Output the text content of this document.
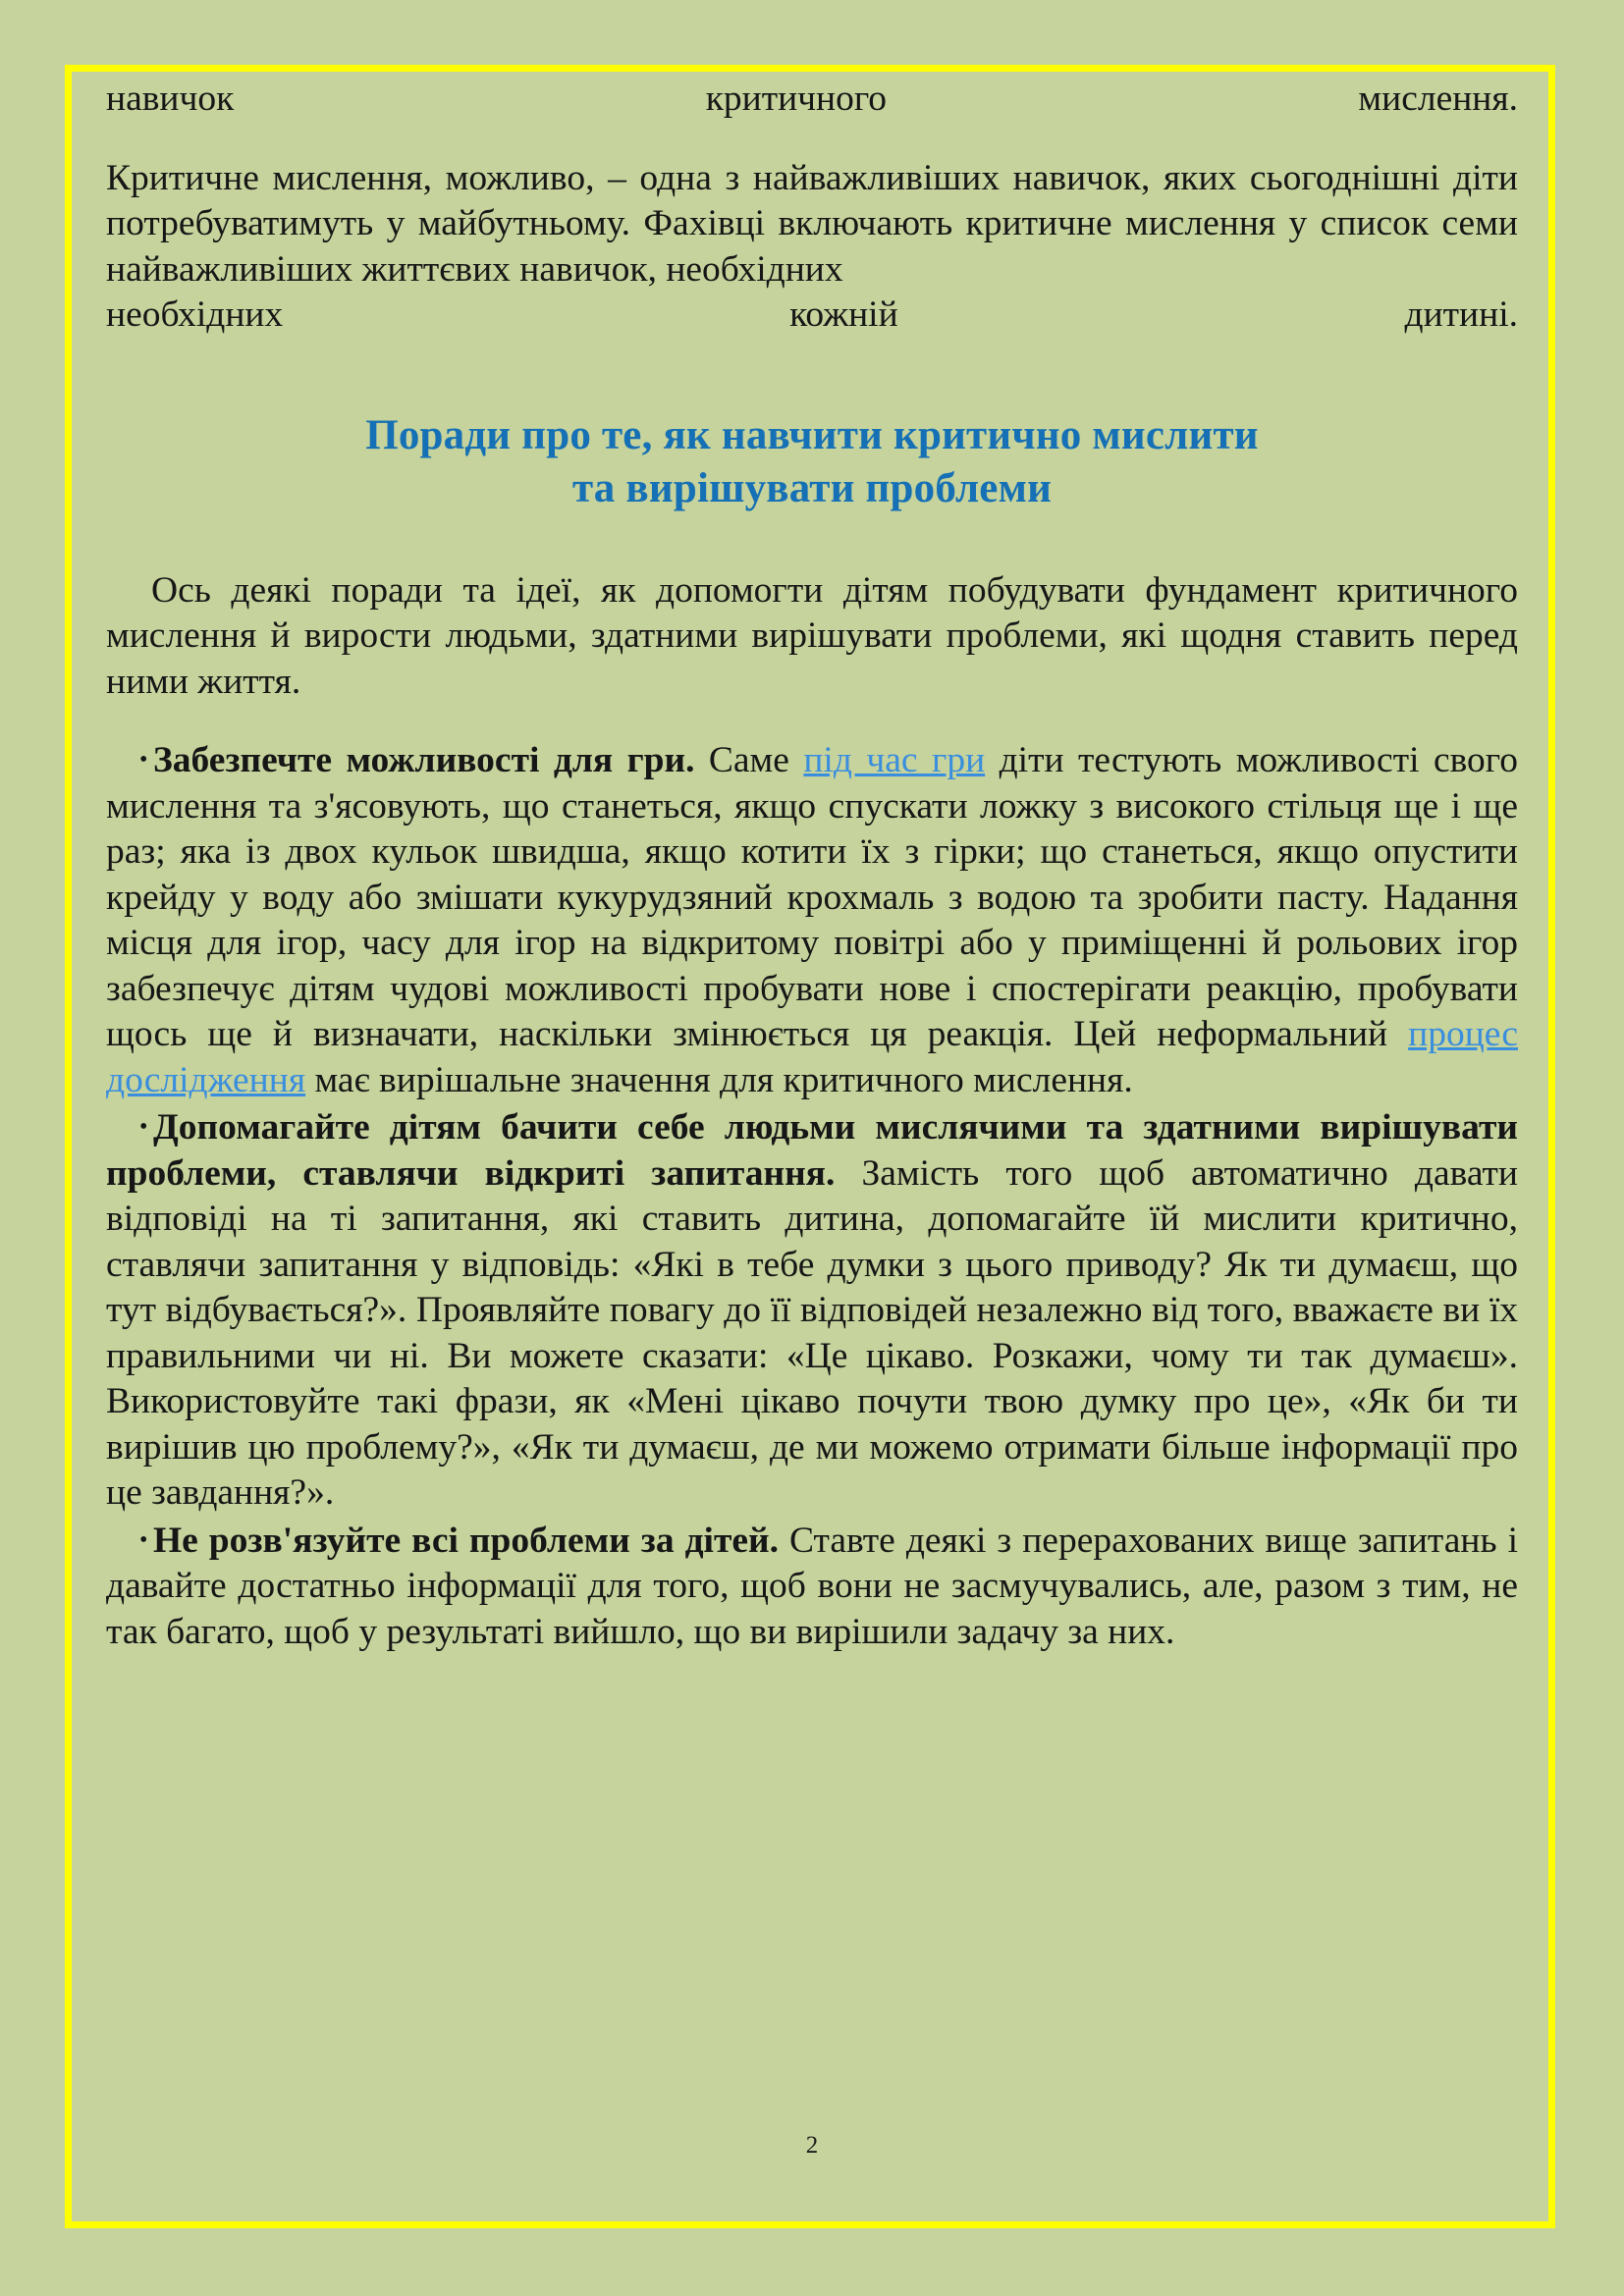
навичок	критичного	мислення.

Критичне мислення, можливо, – одна з найважливіших навичок, яких сьогоднішні діти потребуватимуть у майбутньому. Фахівці включають критичне мислення у список семи найважливіших життєвих навичок, необхідних

необхідних	кожній	дитині.
Поради про те, як навчити критично мислити
та вирішувати проблеми

Ось деякі поради та ідеї, як допомогти дітям побудувати фундамент критичного мислення й вирости людьми, здатними вирішувати проблеми, які щодня ставить перед ними життя.

• Забезпечте можливості для гри. Саме під час гри діти тестують можливості свого мислення та з'ясовують, що станеться, якщо спускати ложку з високого стільця ще і ще раз; яка із двох кульок швидша, якщо котити їх з гірки; що станеться, якщо опустити крейду у воду або змішати кукурудзяний крохмаль з водою та зробити пасту. Надання місця для ігор, часу для ігор на відкритому повітрі або у приміщенні й рольових ігор забезпечує дітям чудові можливості пробувати нове і спостерігати реакцію, пробувати щось ще й визначати, наскільки змінюється ця реакція. Цей неформальний процес дослідження має вирішальне значення для критичного мислення.
• Допомагайте дітям бачити себе людьми мислячими та здатними вирішувати проблеми, ставлячи відкриті запитання. Замість того щоб автоматично давати відповіді на ті запитання, які ставить дитина, допомагайте їй мислити критично, ставлячи запитання у відповідь: «Які в тебе думки з цього приводу? Як ти думаєш, що тут відбувається?». Проявляйте повагу до її відповідей незалежно від того, вважаєте ви їх правильними чи ні. Ви можете сказати: «Це цікаво. Розкажи, чому ти так думаєш». Використовуйте такі фрази, як «Мені цікаво почути твою думку про це», «Як би ти вирішив цю проблему?», «Як ти думаєш, де ми можемо отримати більше інформації про це завдання?».
• Не розв'язуйте всі проблеми за дітей. Ставте деякі з перерахованих вище запитань і давайте достатньо інформації для того, щоб вони не засмучувались, але, разом з тим, не так багато, щоб у результаті вийшло, що ви вирішили задачу за них.
2
